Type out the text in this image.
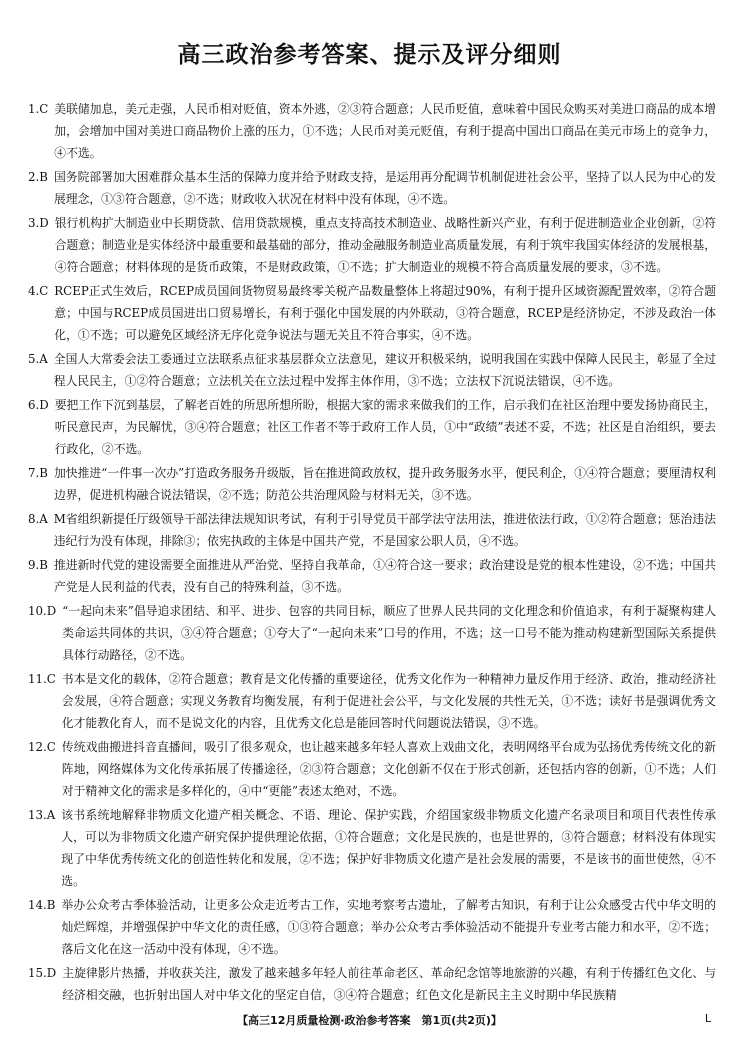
高三政治参考答案、提示及评分细则
1.C 美联储加息，美元走强，人民币相对贬值，资本外逃，②③符合题意；人民币贬值，意味着中国民众购买对美进口商品的成本增加，会增加中国对美进口商品物价上涨的压力，①不选；人民币对美元贬值，有利于提高中国出口商品在美元市场上的竞争力，④不选。
2.B 国务院部署加大困难群众基本生活的保障力度并给予财政支持，是运用再分配调节机制促进社会公平，坚持了以人民为中心的发展理念，①③符合题意，②不选；财政收入状况在材料中没有体现，④不选。
3.D 银行机构扩大制造业中长期贷款、信用贷款规模，重点支持高技术制造业、战略性新兴产业，有利于促进制造业企业创新，②符合题意；制造业是实体经济中最重要和最基础的部分，推动金融服务制造业高质量发展，有利于筑牢我国实体经济的发展根基，④符合题意；材料体现的是货币政策，不是财政政策，①不选；扩大制造业的规模不符合高质量发展的要求，③不选。
4.C RCEP正式生效后，RCEP成员国间货物贸易最终零关税产品数量整体上将超过90%，有利于提升区域资源配置效率，②符合题意；中国与RCEP成员国进出口贸易增长，有利于强化中国发展的内外联动，③符合题意，RCEP是经济协定，不涉及政治一体化，①不选；可以避免区域经济无序化竞争说法与题无关且不符合事实，④不选。
5.A 全国人大常委会法工委通过立法联系点征求基层群众立法意见，建议开积极采纳，说明我国在实践中保障人民民主，彰显了全过程人民民主，①②符合题意；立法机关在立法过程中发挥主体作用，③不选；立法权下沉说法错误，④不选。
6.D 要把工作下沉到基层，了解老百姓的所思所想所盼，根据大家的需求来做我们的工作，启示我们在社区治理中要发扬协商民主，听民意民声，为民解忧，③④符合题意；社区工作者不等于政府工作人员，①中“政绩”表述不妥，不选；社区是自治组织，要去行政化，②不选。
7.B 加快推进“一件事一次办”打造政务服务升级版，旨在推进简政放权，提升政务服务水平，便民利企，①④符合题意；要厘清权利边界，促进机构融合说法错误，②不选；防范公共治理风险与材料无关，③不选。
8.A M省组织新提任厅级领导干部法律法规知识考试，有利于引导党员干部学法守法用法，推进依法行政，①②符合题意；惩治违法违纪行为没有体现，排除③；依宪执政的主体是中国共产党，不是国家公职人员，④不选。
9.B 推进新时代党的建设需要全面推进从严治党、坚持自我革命，①④符合这一要求；政治建设是党的根本性建设，②不选；中国共产党是人民利益的代表，没有自己的特殊利益，③不选。
10.D “一起向未来”倡导追求团结、和平、进步、包容的共同目标，顺应了世界人民共同的文化理念和价值追求，有利于凝聚构建人类命运共同体的共识，③④符合题意；①夸大了“一起向未来”口号的作用，不选；这一口号不能为推动构建新型国际关系提供具体行动路径，②不选。
11.C 书本是文化的载体，②符合题意；教育是文化传播的重要途径，优秀文化作为一种精神力量反作用于经济、政治，推动经济社会发展，④符合题意；实现义务教育均衡发展，有利于促进社会公平，与文化发展的共性无关，①不选；读好书是强调优秀文化才能教化育人，而不是说文化的内容，且优秀文化总是能回答时代问题说法错误，③不选。
12.C 传统戏曲搬进抖音直播间，吸引了很多观众，也让越来越多年轻人喜欢上戏曲文化，表明网络平台成为弘扬优秀传统文化的新阵地，网络媒体为文化传承拓展了传播途径，②③符合题意；文化创新不仅在于形式创新，还包括内容的创新，①不选；人们对于精神文化的需求是多样化的，④中“更能”表述太绝对，不选。
13.A 该书系统地解释非物质文化遗产相关概念、不语、理论、保护实践，介绍国家级非物质文化遗产名录项目和项目代表性传承人，可以为非物质文化遗产研究保护提供理论依据，①符合题意；文化是民族的，也是世界的，③符合题意；材料没有体现实现了中华优秀传统文化的创造性转化和发展，②不选；保护好非物质文化遗产是社会发展的需要，不是该书的面世使然，④不选。
14.B 举办公众考古季体验活动，让更多公众走近考古工作，实地考察考古遗址，了解考古知识，有利于让公众感受古代中华文明的灿烂辉煌，并增强保护中华文化的责任感，①③符合题意；举办公众考古季体验活动不能提升专业考古能力和水平，②不选；落后文化在这一活动中没有体现，④不选。
15.D 主旋律影片热播，并收获关注，激发了越来越多年轻人前往革命老区、革命纪念馆等地旅游的兴趣，有利于传播红色文化、与经济相交融，也折射出国人对中华文化的坚定自信，③④符合题意；红色文化是新民主主义时期中华民族精
【高三12月质量检测·政治参考答案　第1页(共2页)】	L
